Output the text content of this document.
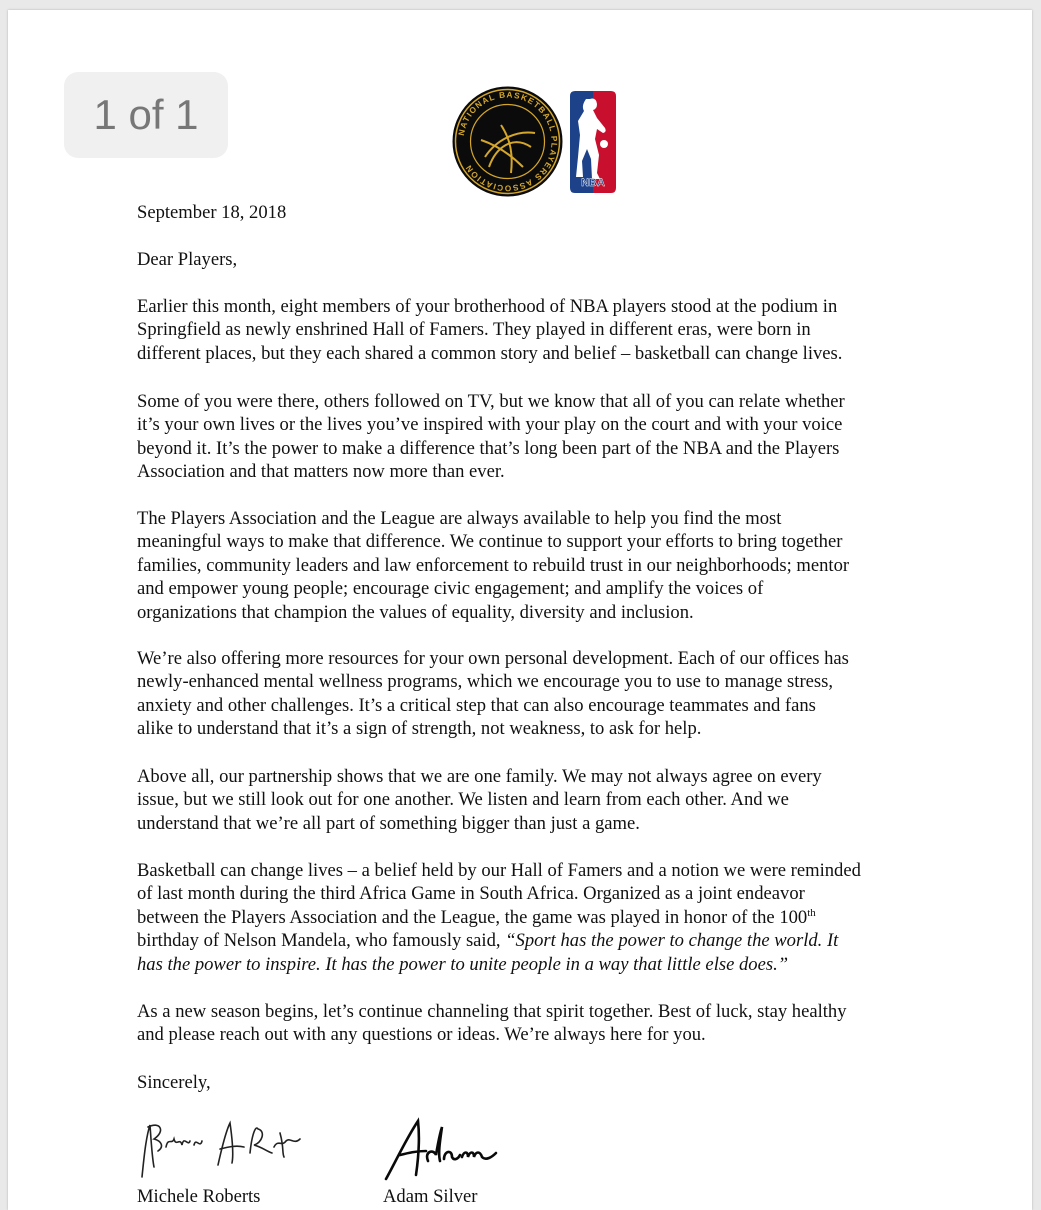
1 of 1	NATIONAL BASKETBALL PLAYERS ASSOCIATION
NBA
September 18, 2018
Dear Players,

Earlier this month, eight members of your brotherhood of NBA players stood at the podium in
Springfield as newly enshrined Hall of Famers. They played in different eras, were born in
different places, but they each shared a common story and belief – basketball can change lives.

Some of you were there, others followed on TV, but we know that all of you can relate whether
it’s your own lives or the lives you’ve inspired with your play on the court and with your voice
beyond it. It’s the power to make a difference that’s long been part of the NBA and the Players
Association and that matters now more than ever.

The Players Association and the League are always available to help you find the most
meaningful ways to make that difference. We continue to support your efforts to bring together
families, community leaders and law enforcement to rebuild trust in our neighborhoods; mentor
and empower young people; encourage civic engagement; and amplify the voices of
organizations that champion the values of equality, diversity and inclusion.

We’re also offering more resources for your own personal development. Each of our offices has
newly-enhanced mental wellness programs, which we encourage you to use to manage stress,
anxiety and other challenges. It’s a critical step that can also encourage teammates and fans
alike to understand that it’s a sign of strength, not weakness, to ask for help.

Above all, our partnership shows that we are one family. We may not always agree on every
issue, but we still look out for one another. We listen and learn from each other. And we
understand that we’re all part of something bigger than just a game.

Basketball can change lives – a belief held by our Hall of Famers and a notion we were reminded
of last month during the third Africa Game in South Africa. Organized as a joint endeavor
between the Players Association and the League, the game was played in honor of the 100th
birthday of Nelson Mandela, who famously said, “Sport has the power to change the world. It
has the power to inspire. It has the power to unite people in a way that little else does.”

As a new season begins, let’s continue channeling that spirit together. Best of luck, stay healthy
and please reach out with any questions or ideas. We’re always here for you.

Sincerely,
Michele Roberts	Adam Silver
